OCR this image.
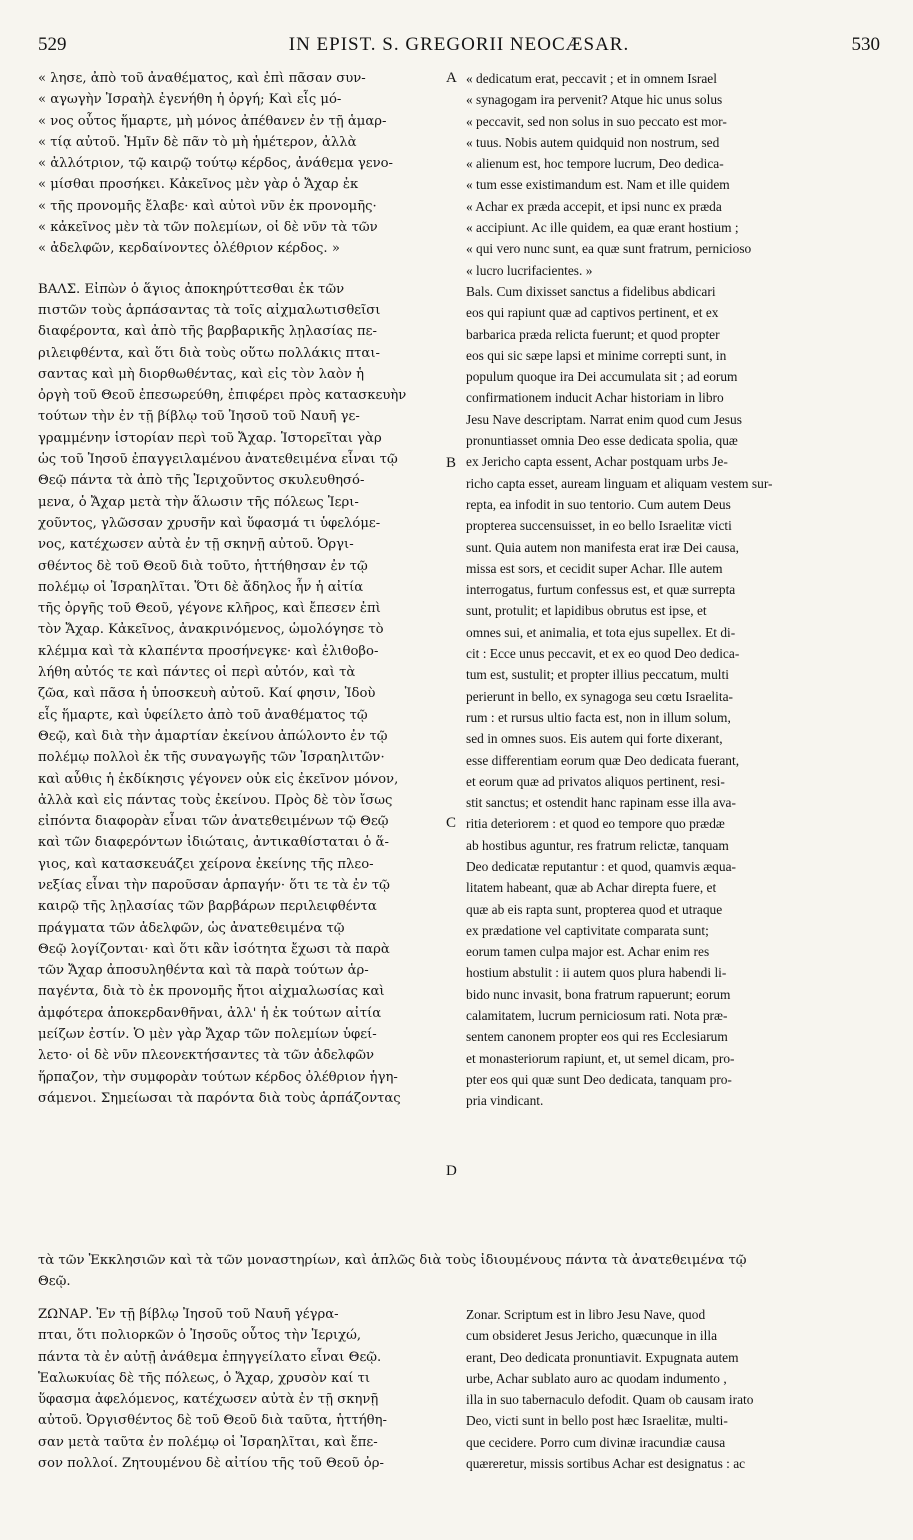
529	IN EPIST. S. GREGORII NEOCÆSAR.	530
A
B
C
D
« λησε, ἀπὸ τοῦ ἀναθέματος, καὶ ἐπὶ πᾶσαν συν-
« αγωγὴν Ἰσραὴλ ἐγενήθη ἡ ὀργή; Καὶ εἷς μό-
« νος οὗτος ἥμαρτε, μὴ μόνος ἀπέθανεν ἐν τῇ ἁμαρ-
« τίᾳ αὐτοῦ. Ἡμῖν δὲ πᾶν τὸ μὴ ἡμέτερον, ἀλλὰ
« ἀλλότριον, τῷ καιρῷ τούτῳ κέρδος, ἀνάθεμα γενο-
« μίσθαι προσήκει. Κἀκεῖνος μὲν γὰρ ὁ Ἄχαρ ἐκ
« τῆς προνομῆς ἔλαβε· καὶ αὐτοὶ νῦν ἐκ προνομῆς·
« κἀκεῖνος μὲν τὰ τῶν πολεμίων, οἱ δὲ νῦν τὰ τῶν
« ἀδελφῶν, κερδαίνοντες ὀλέθριον κέρδος. »
ΒΑΛΣ. Εἰπὼν ὁ ἅγιος ἀποκηρύττεσθαι ἐκ τῶν
πιστῶν τοὺς ἁρπάσαντας τὰ τοῖς αἰχμαλωτισθεῖσι
διαφέροντα, καὶ ἀπὸ τῆς βαρβαρικῆς λῃλασίας πε-
ριλειφθέντα, καὶ ὅτι διὰ τοὺς οὕτω πολλάκις πται-
σαντας καὶ μὴ διορθωθέντας, καὶ εἰς τὸν λαὸν ἡ
ὀργὴ τοῦ Θεοῦ ἐπεσωρεύθη, ἐπιφέρει πρὸς κατασκευὴν
τούτων τὴν ἐν τῇ βίβλῳ τοῦ Ἰησοῦ τοῦ Ναυῆ γε-
γραμμένην ἱστορίαν περὶ τοῦ Ἄχαρ. Ἱστορεῖται γὰρ
ὡς τοῦ Ἰησοῦ ἐπαγγειλαμένου ἀνατεθειμένα εἶναι τῷ
Θεῷ πάντα τὰ ἀπὸ τῆς Ἱεριχοῦντος σκυλευθησό-
μενα, ὁ Ἄχαρ μετὰ τὴν ἅλωσιν τῆς πόλεως Ἱερι-
χοῦντος, γλῶσσαν χρυσῆν καὶ ὕφασμά τι ὑφελόμε-
νος, κατέχωσεν αὐτὰ ἐν τῇ σκηνῇ αὐτοῦ. Ὀργι-
σθέντος δὲ τοῦ Θεοῦ διὰ τοῦτο, ἡττήθησαν ἐν τῷ
πολέμῳ οἱ Ἰσραηλῖται. Ὅτι δὲ ἄδηλος ἦν ἡ αἰτία
τῆς ὀργῆς τοῦ Θεοῦ, γέγονε κλῆρος, καὶ ἔπεσεν ἐπὶ
τὸν Ἄχαρ. Κἀκεῖνος, ἀνακρινόμενος, ὡμολόγησε τὸ
κλέμμα καὶ τὰ κλαπέντα προσήνεγκε· καὶ ἐλιθοβο-
λήθη αὐτός τε καὶ πάντες οἱ περὶ αὐτόν, καὶ τὰ
ζῶα, καὶ πᾶσα ἡ ὑποσκευὴ αὐτοῦ. Καί φησιν, Ἰδοὺ
εἷς ἥμαρτε, καὶ ὑφείλετο ἀπὸ τοῦ ἀναθέματος τῷ
Θεῷ, καὶ διὰ τὴν ἁμαρτίαν ἐκείνου ἀπώλοντο ἐν τῷ
πολέμῳ πολλοὶ ἐκ τῆς συναγωγῆς τῶν Ἰσραηλιτῶν·
καὶ αὖθις ἡ ἐκδίκησις γέγονεν οὐκ εἰς ἐκεῖνον μόνον,
ἀλλὰ καὶ εἰς πάντας τοὺς ἐκείνου. Πρὸς δὲ τὸν ἴσως
εἰπόντα διαφορὰν εἶναι τῶν ἀνατεθειμένων τῷ Θεῷ
καὶ τῶν διαφερόντων ἰδιώταις, ἀντικαθίσταται ὁ ἅ-
γιος, καὶ κατασκευάζει χείρονα ἐκείνης τῆς πλεο-
νεξίας εἶναι τὴν παροῦσαν ἁρπαγήν· ὅτι τε τὰ ἐν τῷ
καιρῷ τῆς λῃλασίας τῶν βαρβάρων περιλειφθέντα
πράγματα τῶν ἀδελφῶν, ὡς ἀνατεθειμένα τῷ
Θεῷ λογίζονται· καὶ ὅτι κἂν ἰσότητα ἔχωσι τὰ παρὰ
τῶν Ἄχαρ ἀποσυληθέντα καὶ τὰ παρὰ τούτων ἁρ-
παγέντα, διὰ τὸ ἐκ προνομῆς ἤτοι αἰχμαλωσίας καὶ
ἀμφότερα ἀποκερδανθῆναι, ἀλλ' ἡ ἐκ τούτων αἰτία
μείζων ἐστίν. Ὁ μὲν γὰρ Ἄχαρ τῶν πολεμίων ὑφεί-
λετο· οἱ δὲ νῦν πλεονεκτήσαντες τὰ τῶν ἀδελφῶν
ἥρπαζον, τὴν συμφορὰν τούτων κέρδος ὀλέθριον ἡγη-
σάμενοι. Σημείωσαι τὰ παρόντα διὰ τοὺς ἁρπάζοντας
« dedicatum erat, peccavit ; et in omnem Israel
« synagogam ira pervenit? Atque hic unus solus
« peccavit, sed non solus in suo peccato est mor-
« tuus. Nobis autem quidquid non nostrum, sed
« alienum est, hoc tempore lucrum, Deo dedica-
« tum esse existimandum est. Nam et ille quidem
« Achar ex præda accepit, et ipsi nunc ex præda
« accipiunt. Ac ille quidem, ea quæ erant hostium ;
« qui vero nunc sunt, ea quæ sunt fratrum, pernicioso
« lucro lucrifacientes. »
Bals. Cum dixisset sanctus a fidelibus abdicari
eos qui rapiunt quæ ad captivos pertinent, et ex
barbarica præda relicta fuerunt; et quod propter
eos qui sic sæpe lapsi et minime correpti sunt, in
populum quoque ira Dei accumulata sit ; ad eorum
confirmationem inducit Achar historiam in libro
Jesu Nave descriptam. Narrat enim quod cum Jesus
pronuntiasset omnia Deo esse dedicata spolia, quæ
ex Jericho capta essent, Achar postquam urbs Je-
richo capta esset, auream linguam et aliquam vestem sur-
repta, ea infodit in suo tentorio. Cum autem Deus
propterea succensuisset, in eo bello Israelitæ victi
sunt. Quia autem non manifesta erat iræ Dei causa,
missa est sors, et cecidit super Achar. Ille autem
interrogatus, furtum confessus est, et quæ surrepta
sunt, protulit; et lapidibus obrutus est ipse, et
omnes sui, et animalia, et tota ejus supellex. Et di-
cit : Ecce unus peccavit, et ex eo quod Deo dedica-
tum est, sustulit; et propter illius peccatum, multi
perierunt in bello, ex synagoga seu cœtu Israelita-
rum : et rursus ultio facta est, non in illum solum,
sed in omnes suos. Eis autem qui forte dixerant,
esse differentiam eorum quæ Deo dedicata fuerant,
et eorum quæ ad privatos aliquos pertinent, resi-
stit sanctus; et ostendit hanc rapinam esse illa ava-
ritia deteriorem : et quod eo tempore quo prædæ
ab hostibus aguntur, res fratrum relictæ, tanquam
Deo dedicatæ reputantur : et quod, quamvis æqua-
litatem habeant, quæ ab Achar direpta fuere, et
quæ ab eis rapta sunt, propterea quod et utraque
ex prædatione vel captivitate comparata sunt;
eorum tamen culpa major est. Achar enim res
hostium abstulit : ii autem quos plura habendi li-
bido nunc invasit, bona fratrum rapuerunt; eorum
calamitatem, lucrum perniciosum rati. Nota præ-
sentem canonem propter eos qui res Ecclesiarum
et monasteriorum rapiunt, et, ut semel dicam, pro-
pter eos qui quæ sunt Deo dedicata, tanquam pro-
pria vindicant.
τὰ τῶν Ἐκκλησιῶν καὶ τὰ τῶν μοναστηρίων, καὶ ἁπλῶς διὰ τοὺς ἰδιουμένους πάντα τὰ ἀνατεθειμένα τῷ
Θεῷ.
ΖΩΝΑΡ. Ἐν τῇ βίβλῳ Ἰησοῦ τοῦ Ναυῆ γέγρα-
πται, ὅτι πολιορκῶν ὁ Ἰησοῦς οὗτος τὴν Ἱεριχώ,
πάντα τὰ ἐν αὐτῇ ἀνάθεμα ἐπηγγείλατο εἶναι Θεῷ.
Ἑαλωκυίας δὲ τῆς πόλεως, ὁ Ἄχαρ, χρυσὸν καί τι
ὕφασμα ἀφελόμενος, κατέχωσεν αὐτὰ ἐν τῇ σκηνῇ
αὐτοῦ. Ὀργισθέντος δὲ τοῦ Θεοῦ διὰ ταῦτα, ἡττήθη-
σαν μετὰ ταῦτα ἐν πολέμῳ οἱ Ἰσραηλῖται, καὶ ἔπε-
σον πολλοί. Ζητουμένου δὲ αἰτίου τῆς τοῦ Θεοῦ ὀρ-
Zonar. Scriptum est in libro Jesu Nave, quod
cum obsideret Jesus Jericho, quæcunque in illa
erant, Deo dedicata pronuntiavit. Expugnata autem
urbe, Achar sublato auro ac quodam indumento ,
illa in suo tabernaculo defodit. Quam ob causam irato
Deo, victi sunt in bello post hæc Israelitæ, multi-
que cecidere. Porro cum divinæ iracundiæ causa
quæreretur, missis sortibus Achar est designatus : ac
